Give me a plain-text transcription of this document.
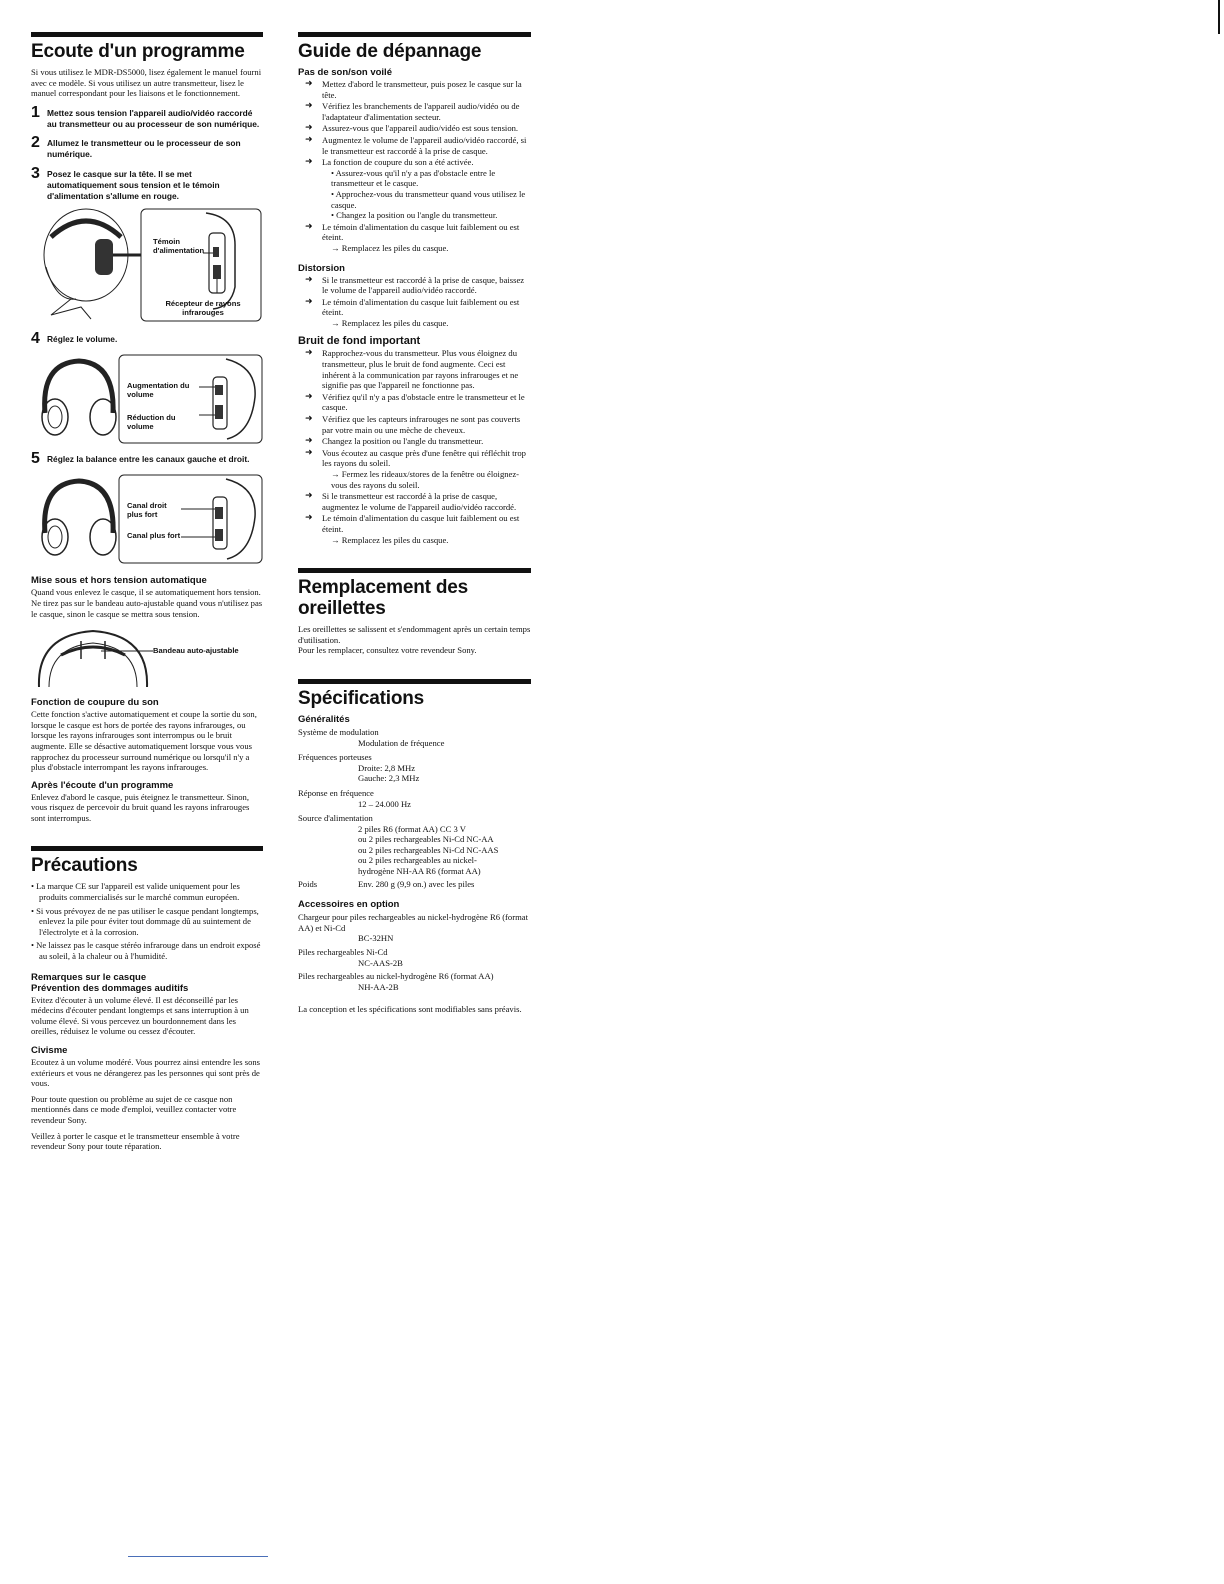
Ecoute d'un programme

Si vous utilisez le MDR-DS5000, lisez également le manuel fourni avec ce modèle. Si vous utilisez un autre transmetteur, lisez le manuel correspondant pour les liaisons et le fonctionnement.

1 Mettez sous tension l'appareil audio/vidéo raccordé au transmetteur ou au processeur de son numérique.
2 Allumez le transmetteur ou le processeur de son numérique.
3 Posez le casque sur la tête. Il se met automatiquement sous tension et le témoin d'alimentation s'allume en rouge.
Témoin d'alimentation
Récepteur de rayons infrarouges
4 Réglez le volume.
Augmentation du volume
Réduction du volume
5 Réglez la balance entre les canaux gauche et droit.
Canal droit plus fort
Canal plus fort
Mise sous et hors tension automatique

Quand vous enlevez le casque, il se automatiquement hors tension. Ne tirez pas sur le bandeau auto-ajustable quand vous n'utilisez pas le casque, sinon le casque se mettra sous tension.

Bandeau auto-ajustable
Fonction de coupure du son

Cette fonction s'active automatiquement et coupe la sortie du son, lorsque le casque est hors de portée des rayons infrarouges, ou lorsque les rayons infrarouges sont interrompus ou le bruit augmente. Elle se désactive automatiquement lorsque vous vous rapprochez du processeur surround numérique ou lorsqu'il n'y a plus d'obstacle interrompant les rayons infrarouges.

Après l'écoute d'un programme

Enlevez d'abord le casque, puis éteignez le transmetteur. Sinon, vous risquez de percevoir du bruit quand les rayons infrarouges sont interrompus.

Précautions

• La marque CE sur l'appareil est valide uniquement pour les produits commercialisés sur le marché commun européen.

• Si vous prévoyez de ne pas utiliser le casque pendant longtemps, enlevez la pile pour éviter tout dommage dû au suintement de l'électrolyte et à la corrosion.

• Ne laissez pas le casque stéréo infrarouge dans un endroit exposé au soleil, à la chaleur ou à l'humidité.

Remarques sur le casque
Prévention des dommages auditifs

Evitez d'écouter à un volume élevé. Il est déconseillé par les médecins d'écouter pendant longtemps et sans interruption à un volume élevé. Si vous percevez un bourdonnement dans les oreilles, réduisez le volume ou cessez d'écouter.

Civisme

Ecoutez à un volume modéré. Vous pourrez ainsi entendre les sons extérieurs et vous ne dérangerez pas les personnes qui sont près de vous.

Pour toute question ou problème au sujet de ce casque non mentionnés dans ce mode d'emploi, veuillez contacter votre revendeur Sony.

Veillez à porter le casque et le transmetteur ensemble à votre revendeur Sony pour toute réparation.

Guide de dépannage
Pas de son/son voilé
➜	Mettez d'abord le transmetteur, puis posez le casque sur la tête.
➜	Vérifiez les branchements de l'appareil audio/vidéo ou de l'adaptateur d'alimentation secteur.
➜	Assurez-vous que l'appareil audio/vidéo est sous tension.
➜	Augmentez le volume de l'appareil audio/vidéo raccordé, si le transmetteur est raccordé à la prise de casque.
➜	La fonction de coupure du son a été activée.
• Assurez-vous qu'il n'y a pas d'obstacle entre le transmetteur et le casque.
• Approchez-vous du transmetteur quand vous utilisez le casque.
• Changez la position ou l'angle du transmetteur.
➜	Le témoin d'alimentation du casque luit faiblement ou est éteint.
→ Remplacez les piles du casque.
Distorsion
➜	Si le transmetteur est raccordé à la prise de casque, baissez le volume de l'appareil audio/vidéo raccordé.
➜	Le témoin d'alimentation du casque luit faiblement ou est éteint.
→ Remplacez les piles du casque.
Bruit de fond important
➜	Rapprochez-vous du transmetteur. Plus vous éloignez du transmetteur, plus le bruit de fond augmente. Ceci est inhérent à la communication par rayons infrarouges et ne signifie pas que l'appareil ne fonctionne pas.
➜	Vérifiez qu'il n'y a pas d'obstacle entre le transmetteur et le casque.
➜	Vérifiez que les capteurs infrarouges ne sont pas couverts par votre main ou une mèche de cheveux.
➜	Changez la position ou l'angle du transmetteur.
➜	Vous écoutez au casque près d'une fenêtre qui réfléchit trop les rayons du soleil.
→ Fermez les rideaux/stores de la fenêtre ou éloignez-vous des rayons du soleil.
➜	Si le transmetteur est raccordé à la prise de casque, augmentez le volume de l'appareil audio/vidéo raccordé.
➜	Le témoin d'alimentation du casque luit faiblement ou est éteint.
→ Remplacez les piles du casque.
Remplacement des
oreillettes

Les oreillettes se salissent et s'endommagent après un certain temps d'utilisation.

Pour les remplacer, consultez votre revendeur Sony.

Spécifications
Généralités

Système de modulation

Modulation de fréquence

Fréquences porteuses

Droite: 2,8 MHz
Gauche: 2,3 MHz

Réponse en fréquence

12 – 24.000 Hz

Source d'alimentation

2 piles R6 (format AA) CC 3 V
ou 2 piles rechargeables Ni-Cd NC-AA
ou 2 piles rechargeables Ni-Cd NC-AAS
ou 2 piles rechargeables au nickel-
hydrogène NH-AA R6 (format AA)
Poids	Env. 280 g (9,9 on.) avec les piles
Accessoires en option

Chargeur pour piles rechargeables au nickel-hydrogène R6 (format AA) et Ni-Cd

BC-32HN

Piles rechargeables Ni-Cd

NC-AAS-2B

Piles rechargeables au nickel-hydrogène R6 (format AA)

NH-AA-2B

La conception et les spécifications sont modifiables sans préavis.
